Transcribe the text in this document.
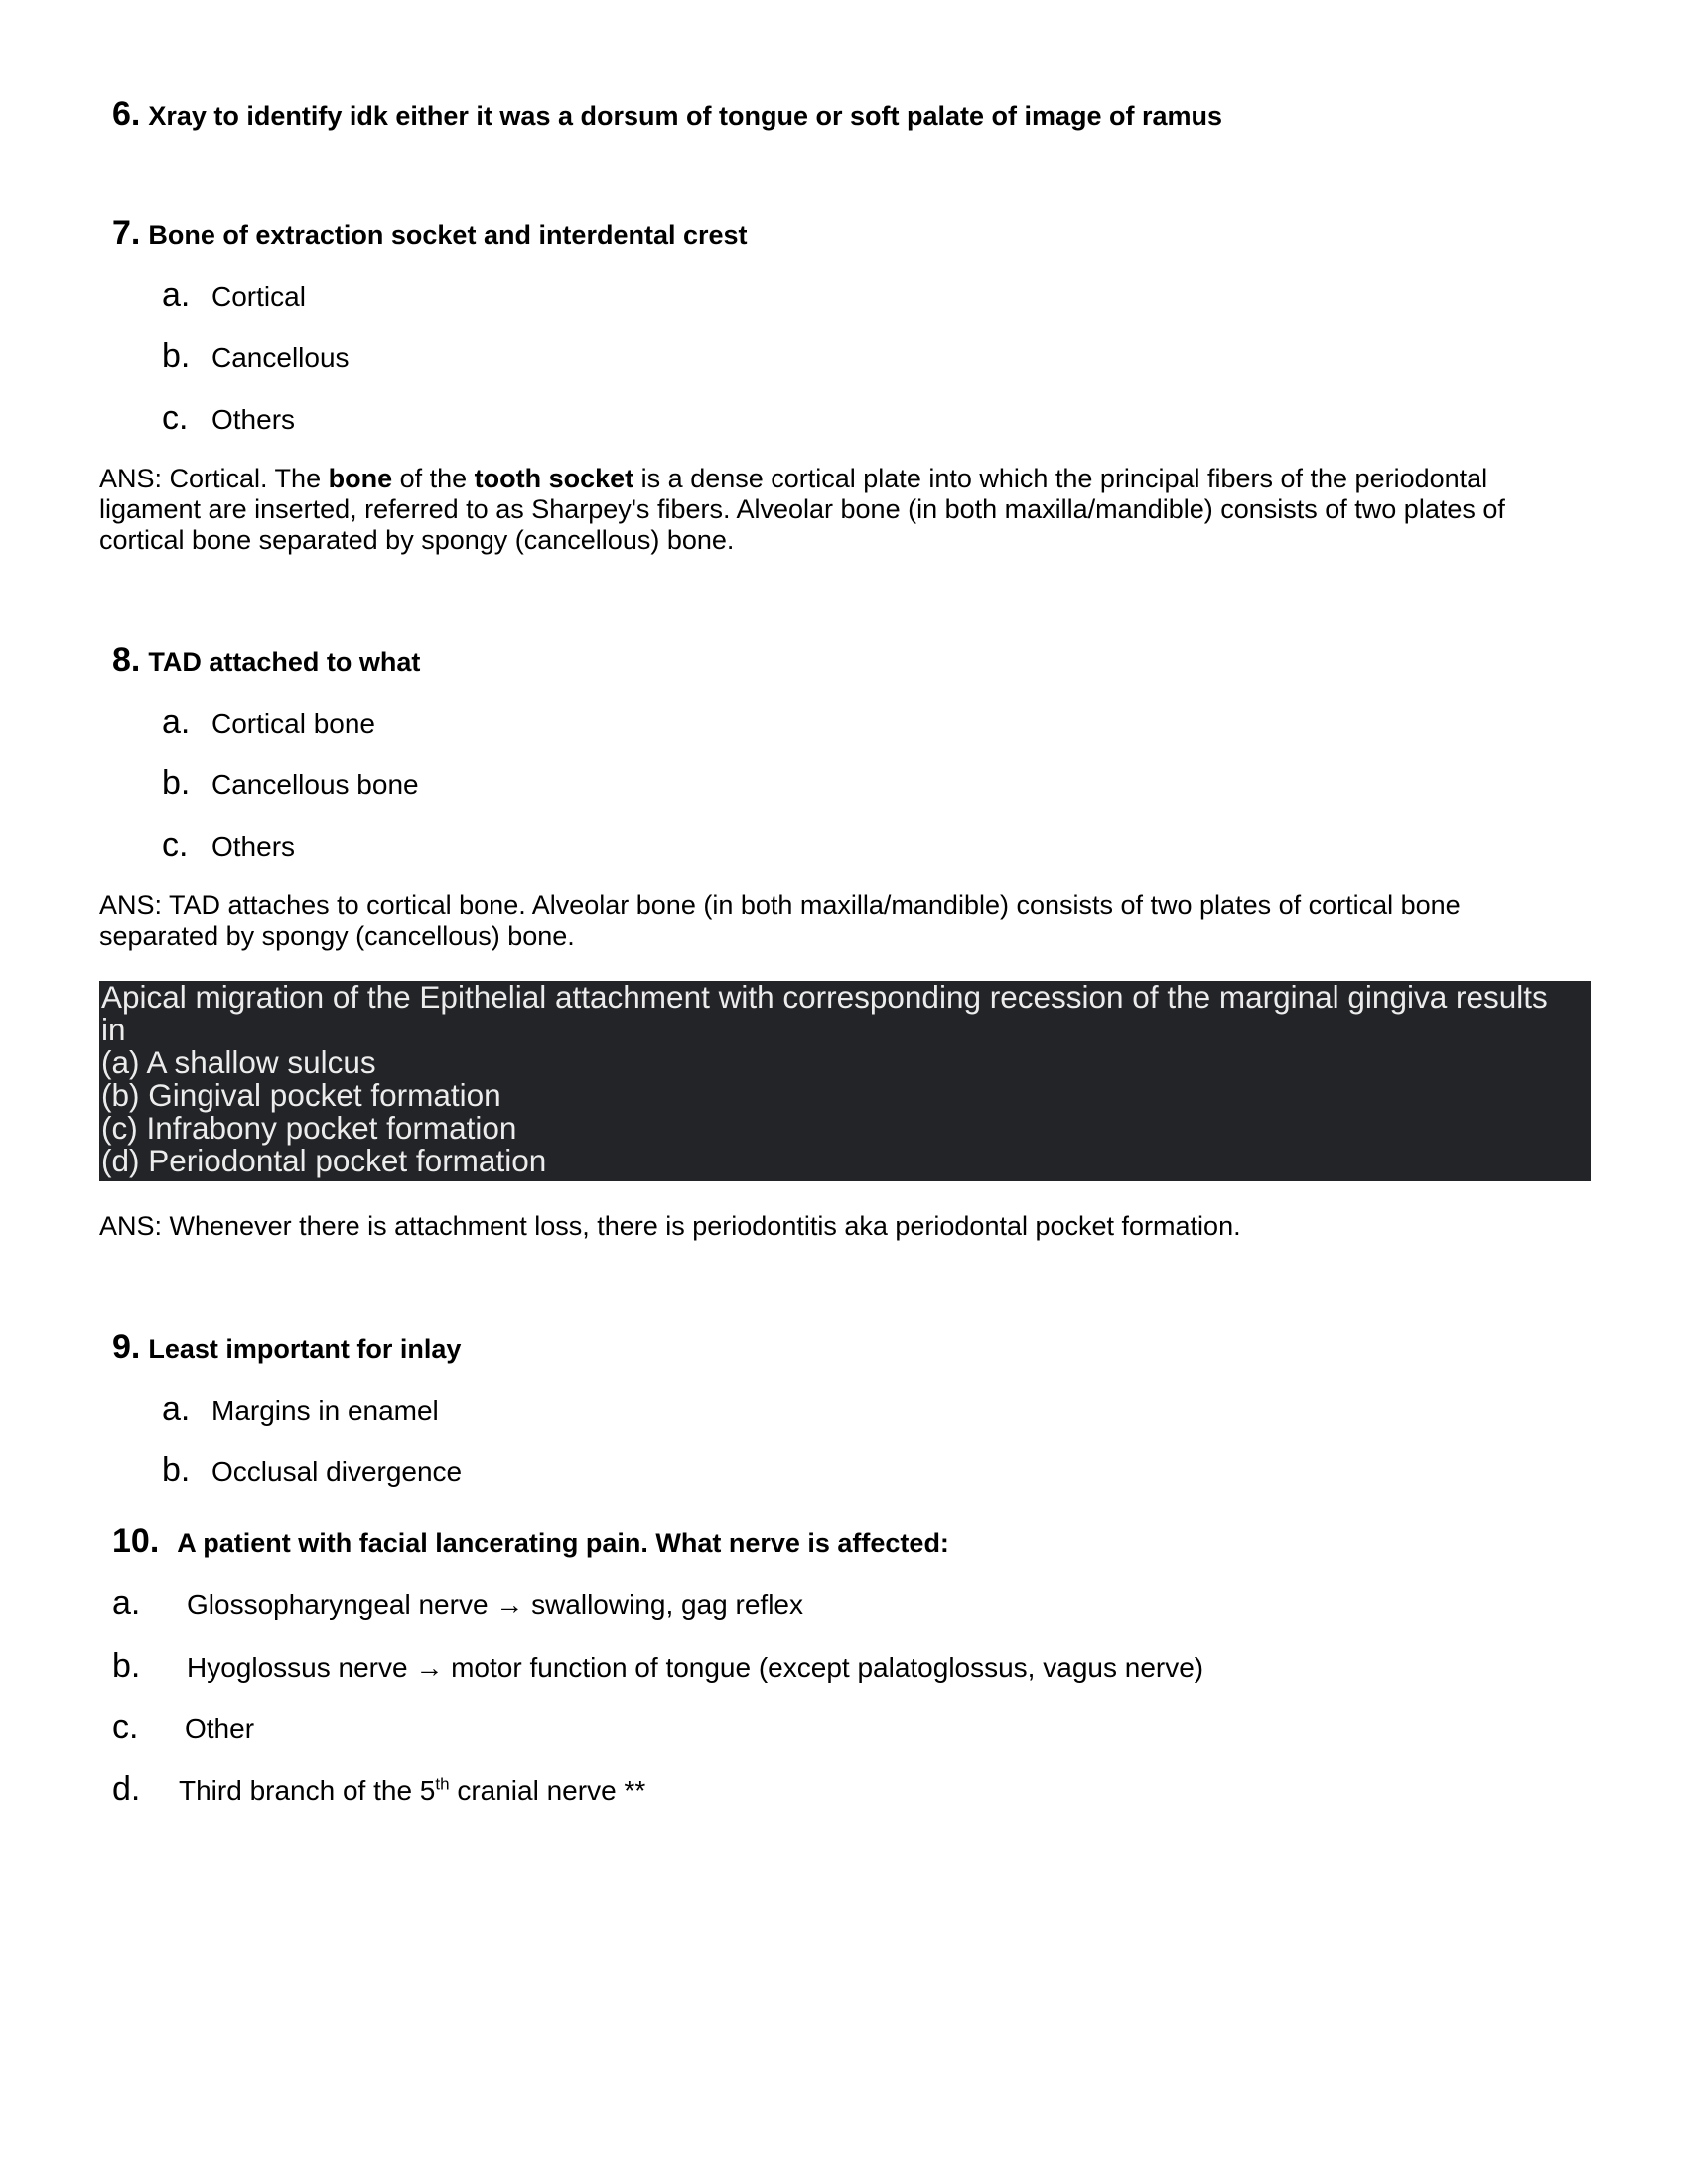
6. Xray to identify idk either it was a dorsum of tongue or soft palate of image of ramus
7. Bone of extraction socket and interdental crest
a. Cortical
b. Cancellous
c. Others
ANS: Cortical. The bone of the tooth socket is a dense cortical plate into which the principal fibers of the periodontal ligament are inserted, referred to as Sharpey's fibers. Alveolar bone (in both maxilla/mandible) consists of two plates of cortical bone separated by spongy (cancellous) bone.
8. TAD attached to what
a. Cortical bone
b. Cancellous bone
c. Others
ANS: TAD attaches to cortical bone. Alveolar bone (in both maxilla/mandible) consists of two plates of cortical bone separated by spongy (cancellous) bone.
Apical migration of the Epithelial attachment with corresponding recession of the marginal gingiva results
in
(a) A shallow sulcus
(b) Gingival pocket formation
(c) Infrabony pocket formation
(d) Periodontal pocket formation
ANS: Whenever there is attachment loss, there is periodontitis aka periodontal pocket formation.
9. Least important for inlay
a. Margins in enamel
b. Occlusal divergence
10. A patient with facial lancerating pain. What nerve is affected:
a. Glossopharyngeal nerve → swallowing, gag reflex
b. Hyoglossus nerve → motor function of tongue (except palatoglossus, vagus nerve)
c. Other
d. Third branch of the 5th cranial nerve **
